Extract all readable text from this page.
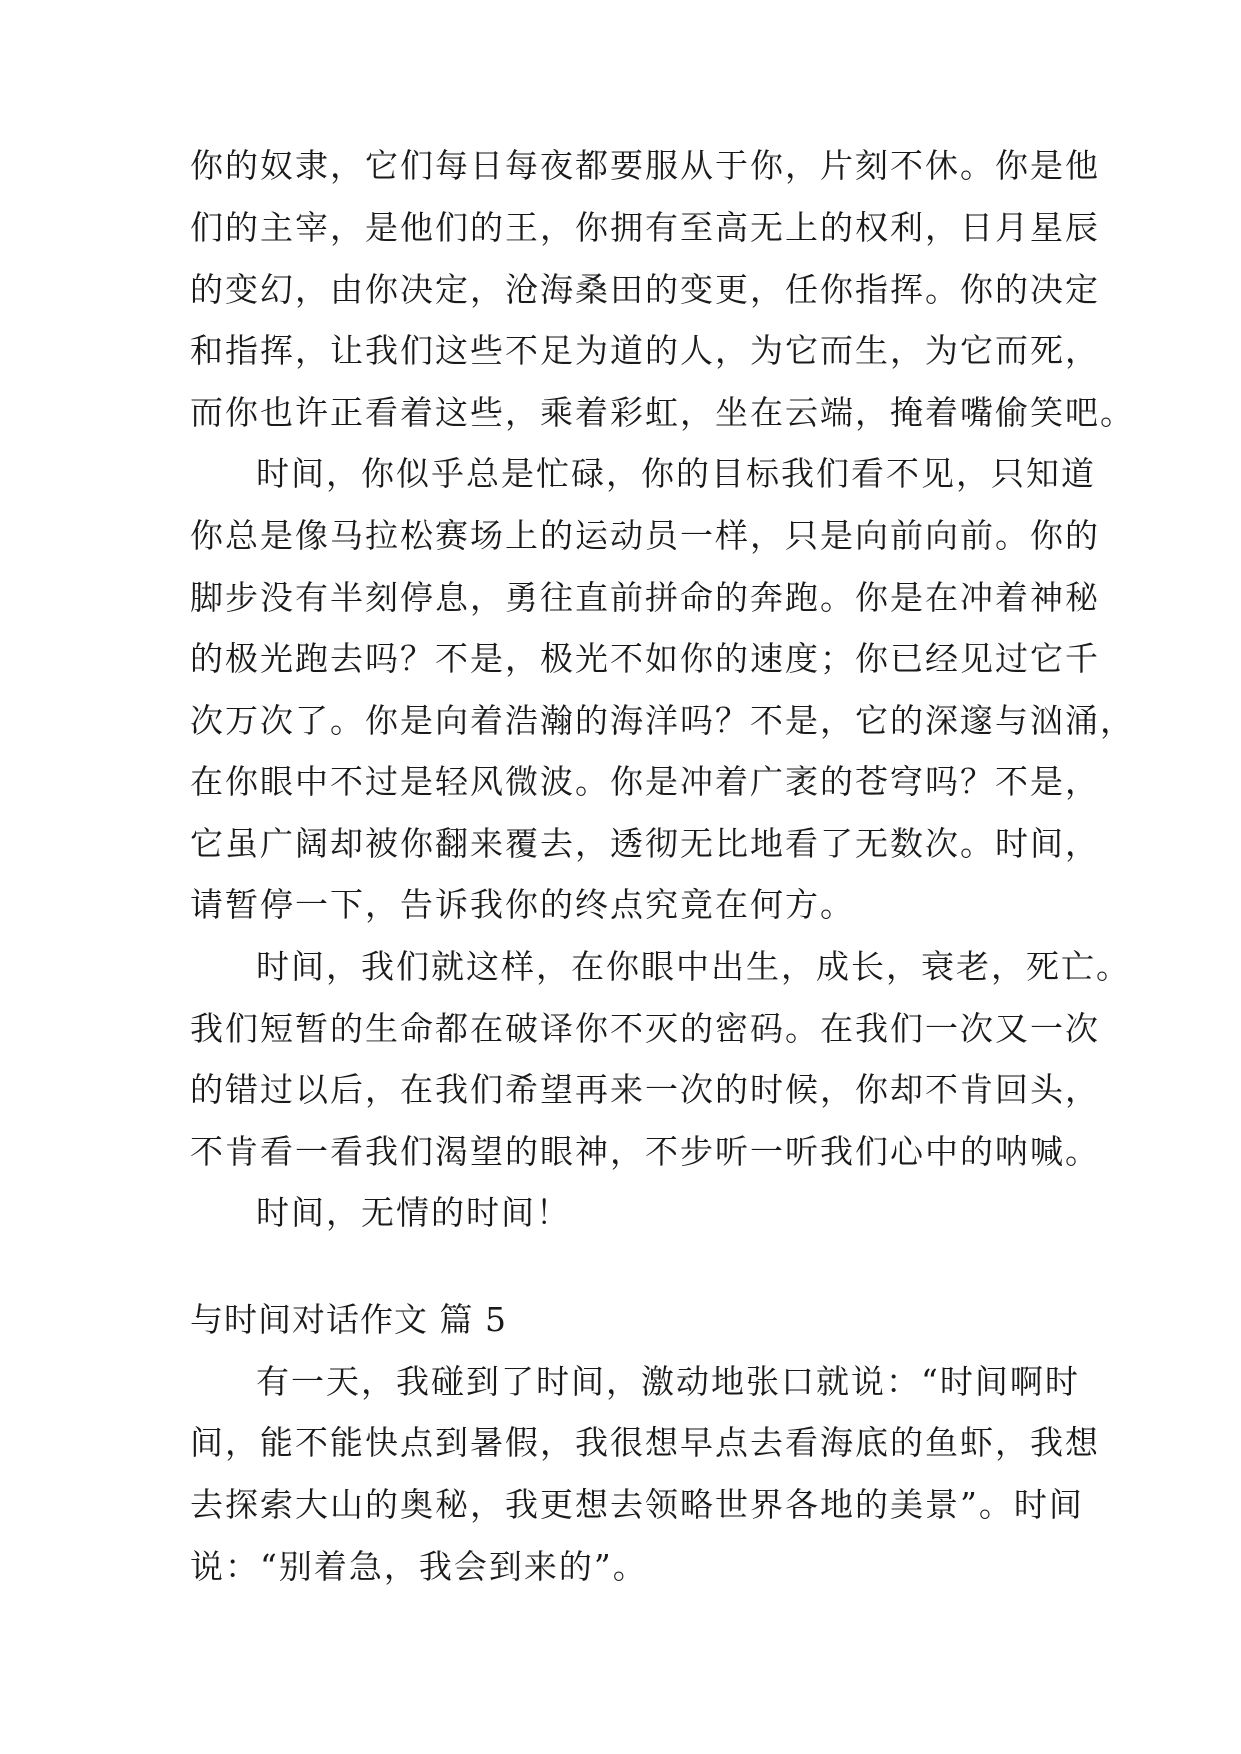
你的奴隶，它们每日每夜都要服从于你，片刻不休。你是他
们的主宰，是他们的王，你拥有至高无上的权利，日月星辰
的变幻，由你决定，沧海桑田的变更，任你指挥。你的决定
和指挥，让我们这些不足为道的人，为它而生，为它而死，
而你也许正看着这些，乘着彩虹，坐在云端，掩着嘴偷笑吧。
时间，你似乎总是忙碌，你的目标我们看不见，只知道
你总是像马拉松赛场上的运动员一样，只是向前向前。你的
脚步没有半刻停息，勇往直前拼命的奔跑。你是在冲着神秘
的极光跑去吗？不是，极光不如你的速度；你已经见过它千
次万次了。你是向着浩瀚的海洋吗？不是，它的深邃与汹涌，
在你眼中不过是轻风微波。你是冲着广袤的苍穹吗？不是，
它虽广阔却被你翻来覆去，透彻无比地看了无数次。时间，
请暂停一下，告诉我你的终点究竟在何方。
时间，我们就这样，在你眼中出生，成长，衰老，死亡。
我们短暂的生命都在破译你不灭的密码。在我们一次又一次
的错过以后，在我们希望再来一次的时候，你却不肯回头，
不肯看一看我们渴望的眼神，不步听一听我们心中的呐喊。
时间，无情的时间！
与时间对话作文 篇 5
有一天，我碰到了时间，激动地张口就说：“时间啊时
间，能不能快点到暑假，我很想早点去看海底的鱼虾，我想
去探索大山的奥秘，我更想去领略世界各地的美景”。时间
说：“别着急，我会到来的”。
